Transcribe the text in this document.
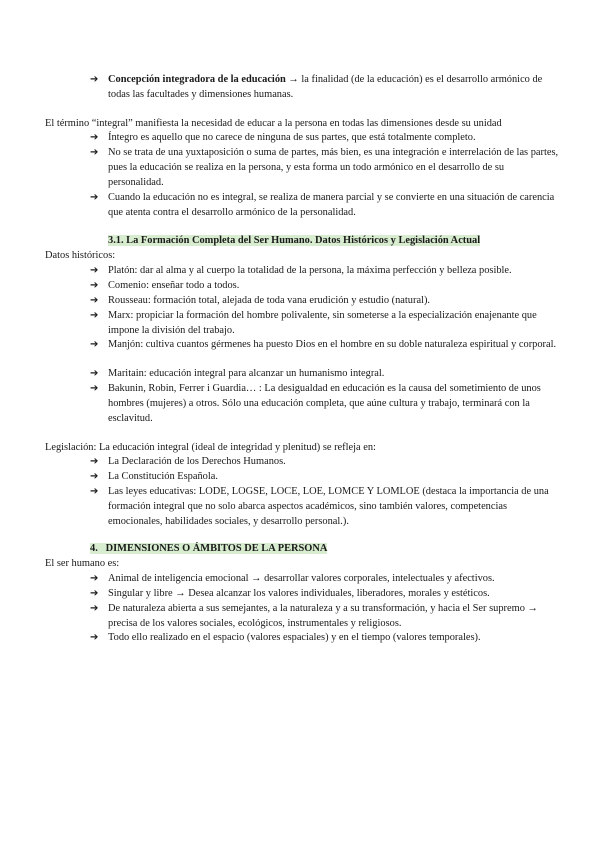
➔ Concepción integradora de la educación → la finalidad (de la educación) es el desarrollo armónico de todas las facultades y dimensiones humanas.
El término “integral” manifiesta la necesidad de educar a la persona en todas las dimensiones desde su unidad
➔ Íntegro es aquello que no carece de ninguna de sus partes, que está totalmente completo.
➔ No se trata de una yuxtaposición o suma de partes, más bien, es una integración e interrelación de las partes, pues la educación se realiza en la persona, y esta forma un todo armónico en el desarrollo de su personalidad.
➔ Cuando la educación no es integral, se realiza de manera parcial y se convierte en una situación de carencia que atenta contra el desarrollo armónico de la personalidad.
3.1. La Formación Completa del Ser Humano. Datos Históricos y Legislación Actual
Datos históricos:
➔ Platón: dar al alma y al cuerpo la totalidad de la persona, la máxima perfección y belleza posible.
➔ Comenio: enseñar todo a todos.
➔ Rousseau: formación total, alejada de toda vana erudición y estudio (natural).
➔ Marx: propiciar la formación del hombre polivalente, sin someterse a la especialización enajenante que impone la división del trabajo.
➔ Manjón: cultiva cuantos gérmenes ha puesto Dios en el hombre en su doble naturaleza espiritual y corporal.
➔ Maritain: educación integral para alcanzar un humanismo integral.
➔ Bakunin, Robin, Ferrer i Guardia… : La desigualdad en educación es la causa del sometimiento de unos hombres (mujeres) a otros. Sólo una educación completa, que aúne cultura y trabajo, terminará con la esclavitud.
Legislación: La educación integral (ideal de integridad y plenitud) se refleja en:
➔ La Declaración de los Derechos Humanos.
➔ La Constitución Española.
➔ Las leyes educativas: LODE, LOGSE, LOCE, LOE, LOMCE Y LOMLOE (destaca la importancia de una formación integral que no solo abarca aspectos académicos, sino también valores, competencias emocionales, habilidades sociales, y desarrollo personal.).
4.   DIMENSIONES O ÁMBITOS DE LA PERSONA
El ser humano es:
➔ Animal de inteligencia emocional → desarrollar valores corporales, intelectuales y afectivos.
➔ Singular y libre → Desea alcanzar los valores individuales, liberadores, morales y estéticos.
➔ De naturaleza abierta a sus semejantes, a la naturaleza y a su transformación, y hacia el Ser supremo → precisa de los valores sociales, ecológicos, instrumentales y religiosos.
➔ Todo ello realizado en el espacio (valores espaciales) y en el tiempo (valores temporales).
